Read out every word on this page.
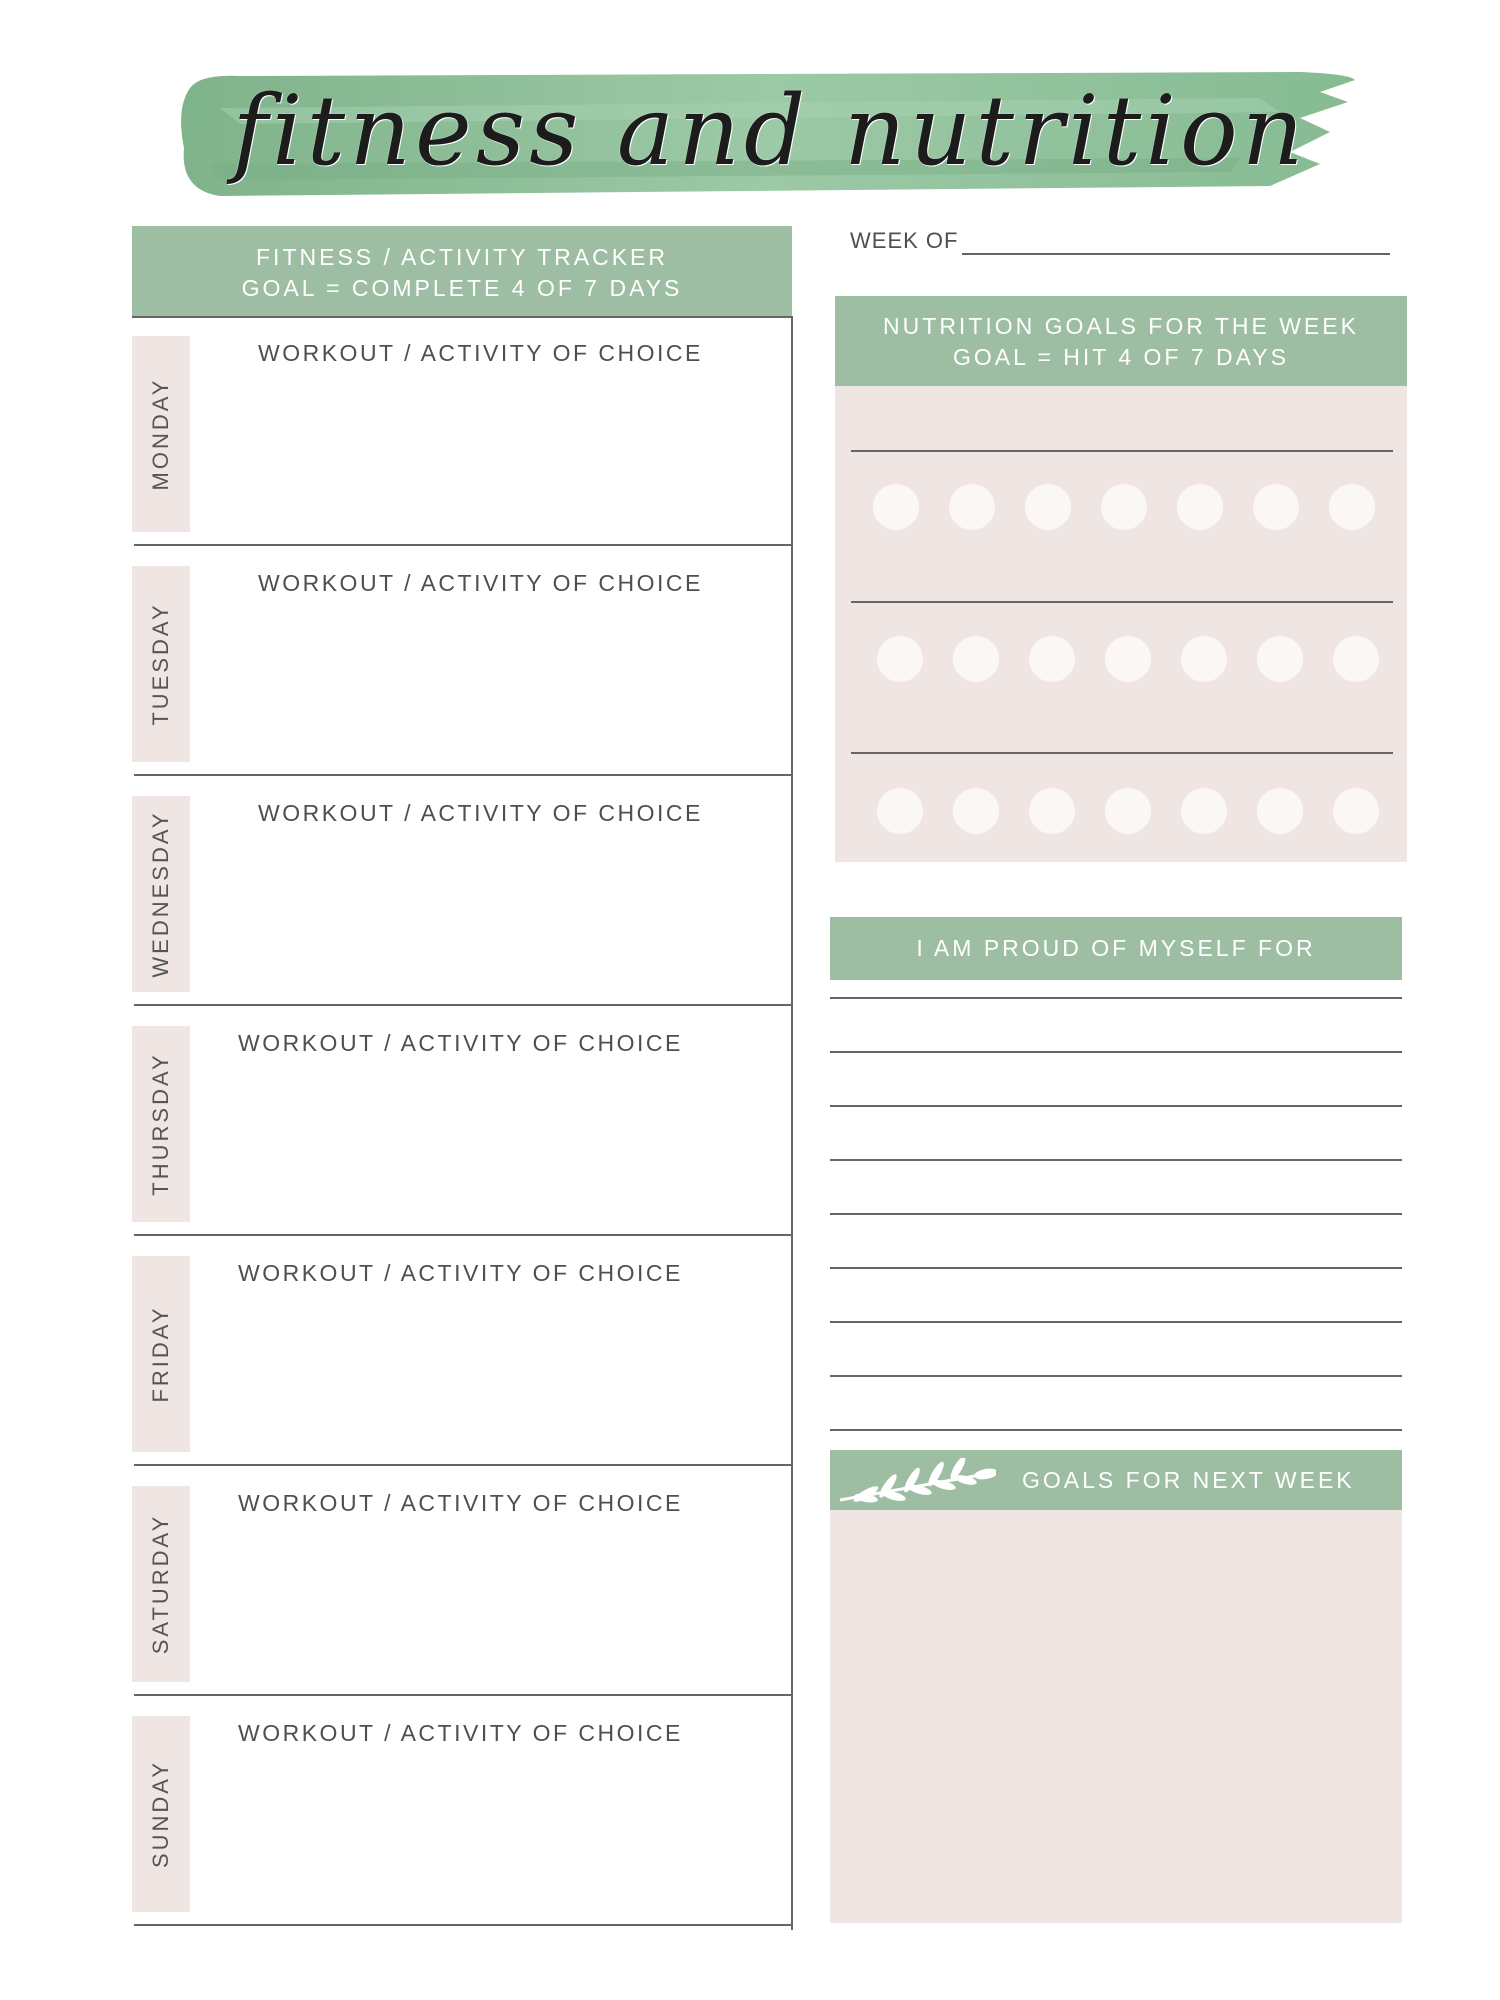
fitness and nutrition
FITNESS / ACTIVITY TRACKER
GOAL = COMPLETE 4 OF 7 DAYS
MONDAY
WORKOUT / ACTIVITY OF CHOICE
TUESDAY
WORKOUT / ACTIVITY OF CHOICE
WEDNESDAY	WORKOUT / ACTIVITY OF CHOICE
THURSDAY
WORKOUT / ACTIVITY OF CHOICE
FRIDAY
WORKOUT / ACTIVITY OF CHOICE
SATURDAY
WORKOUT / ACTIVITY OF CHOICE
SUNDAY
WORKOUT / ACTIVITY OF CHOICE
WEEK OF
NUTRITION GOALS FOR THE WEEK
GOAL = HIT 4 OF 7 DAYS
I AM PROUD OF MYSELF FOR
GOALS FOR NEXT WEEK
